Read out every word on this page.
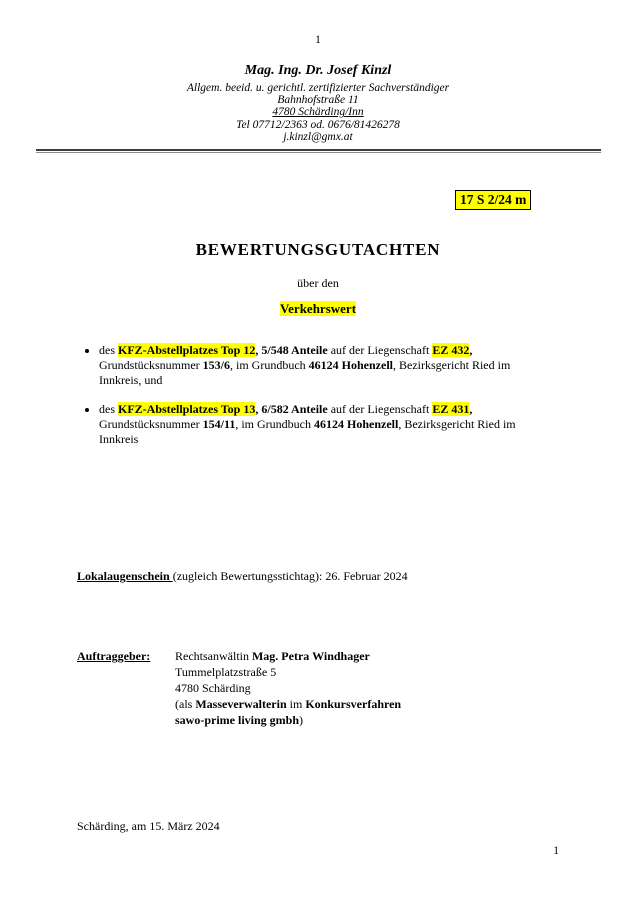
1
Mag. Ing. Dr. Josef Kinzl
Allgem. beeid. u. gerichtl. zertifizierter Sachverständiger
Bahnhofstraße 11
4780 Schärding/Inn
Tel 07712/2363 od. 0676/81426278
j.kinzl@gmx.at
17 S 2/24 m
BEWERTUNGSGUTACHTEN
über den
Verkehrswert
• des KFZ-Abstellplatzes Top 12, 5/548 Anteile auf der Liegenschaft EZ 432,
Grundstücksnummer 153/6, im Grundbuch 46124 Hohenzell, Bezirksgericht Ried im
Innkreis, und
• des KFZ-Abstellplatzes Top 13, 6/582 Anteile auf der Liegenschaft EZ 431,
Grundstücksnummer 154/11, im Grundbuch 46124 Hohenzell, Bezirksgericht Ried im
Innkreis
Lokalaugenschein (zugleich Bewertungsstichtag): 26. Februar 2024
Auftraggeber:	Rechtsanwältin Mag. Petra Windhager
Tummelplatzstraße 5
4780 Schärding
(als Masseverwalterin im Konkursverfahren
sawo-prime living gmbh)
Schärding, am 15. März 2024
1
